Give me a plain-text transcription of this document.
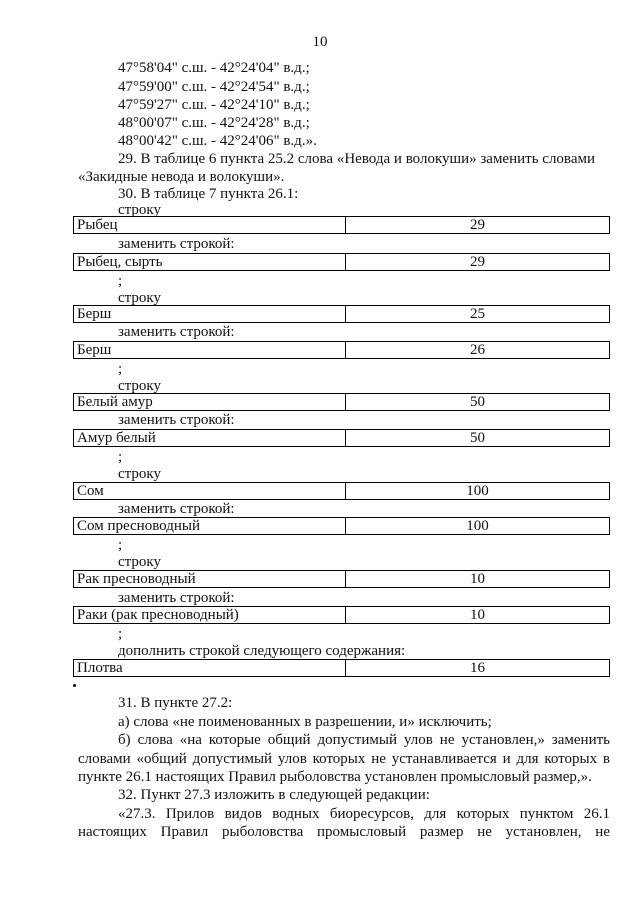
10
47°58'04" с.ш. - 42°24'04" в.д.;
47°59'00" с.ш. - 42°24'54" в.д.;
47°59'27" с.ш. - 42°24'10" в.д.;
48°00'07" с.ш. - 42°24'28" в.д.;
48°00'42" с.ш. - 42°24'06" в.д.».
29. В таблице 6 пункта 25.2 слова «Невода и волокуши» заменить словами
«Закидные невода и волокуши».
30. В таблице 7 пункта 26.1:
строку
Рыбец	29
заменить строкой:
Рыбец, сырть	29
;
строку
Берш	25
заменить строкой:
Берш	26
;
строку
Белый амур	50
заменить строкой:
Амур белый	50
;
строку
Сом	100
заменить строкой:
Сом пресноводный	100
;
строку
Рак пресноводный	10
заменить строкой:
Раки (рак пресноводный)	10
;
дополнить строкой следующего содержания:
Плотва	16
31. В пункте 27.2:
а) слова «не поименованных в разрешении, и» исключить;
б) слова «на которые общий допустимый улов не установлен,» заменить
словами «общий допустимый улов которых не устанавливается и для которых в
пункте 26.1 настоящих Правил рыболовства установлен промысловый размер,».
32. Пункт 27.3 изложить в следующей редакции:
«27.3.  Прилов  видов  водных  биоресурсов,  для  которых  пунктом  26.1
настоящих  Правил  рыболовства  промысловый  размер  не  установлен,  не
